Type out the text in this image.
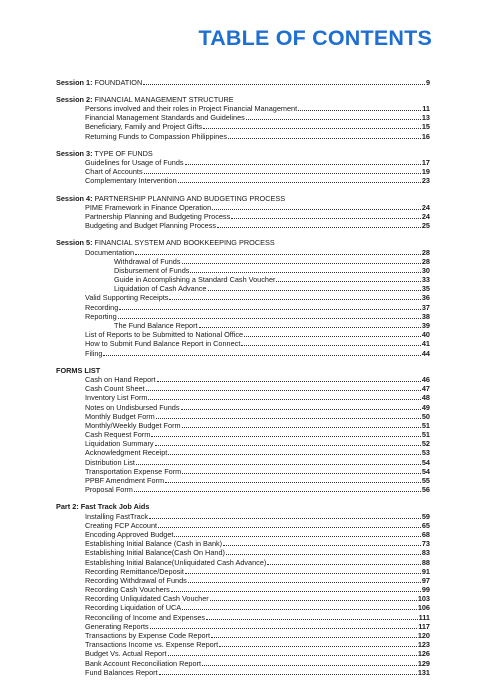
TABLE OF CONTENTS
Session 1: FOUNDATION	9
Session 2: FINANCIAL MANAGEMENT STRUCTURE
Persons involved and their roles in Project Financial Management	11
Financial Management Standards and Guidelines	13
Beneficiary, Family and Project Gifts	15
Returning Funds to Compassion Philippines	16
Session 3: TYPE OF FUNDS
Guidelines for Usage of Funds	17
Chart of Accounts	19
Complementary Intervention	23
Session 4: PARTNERSHIP PLANNING AND BUDGETING PROCESS
PIME Framework in Finance Operation	24
Partnership Planning and Budgeting Process	24
Budgeting and Budget Planning Process	25
Session 5: FINANCIAL SYSTEM AND BOOKKEEPING PROCESS
Documentation	28
Withdrawal of Funds	28
Disbursement of Funds	30
Guide in Accomplishing a Standard Cash Voucher	33
Liquidation of Cash Advance	35
Valid Supporting Receipts	36
Recording	37
Reporting	38
The Fund Balance Report	39
List of Reports to be Submitted to National Office	40
How to Submit Fund Balance Report in Connect	41
Filing	44
FORMS LIST
Cash on Hand Report	46
Cash Count Sheet	47
Inventory List Form	48
Notes on Undisbursed Funds	49
Monthly Budget Form	50
Monthly/Weekly Budget Form	51
Cash Request Form	51
Liquidation Summary	52
Acknowledgment Receipt	53
Distribution List	54
Transportation Expense Form	54
PPBF Amendment Form	55
Proposal Form	56
Part 2: Fast Track Job Aids
Installing FastTrack	59
Creating FCP Account	65
Encoding Approved Budget	68
Establishing Initial Balance (Cash in Bank)	73
Establishing Initial Balance(Cash On Hand)	83
Establishing Initial Balance(Unliquidated Cash Advance)	88
Recording Remittance/Deposit	91
Recording Withdrawal of Funds	97
Recording Cash Vouchers	99
Recording Unliquidated Cash Voucher	103
Recording Liquidation of UCA	106
Reconciling of Income and Expenses	111
Generating Reports	117
Transactions by Expense Code Report	120
Transactions Income vs. Expense Report	123
Budget Vs. Actual Report	126
Bank Account Reconciliation Report	129
Fund Balances Report	131
